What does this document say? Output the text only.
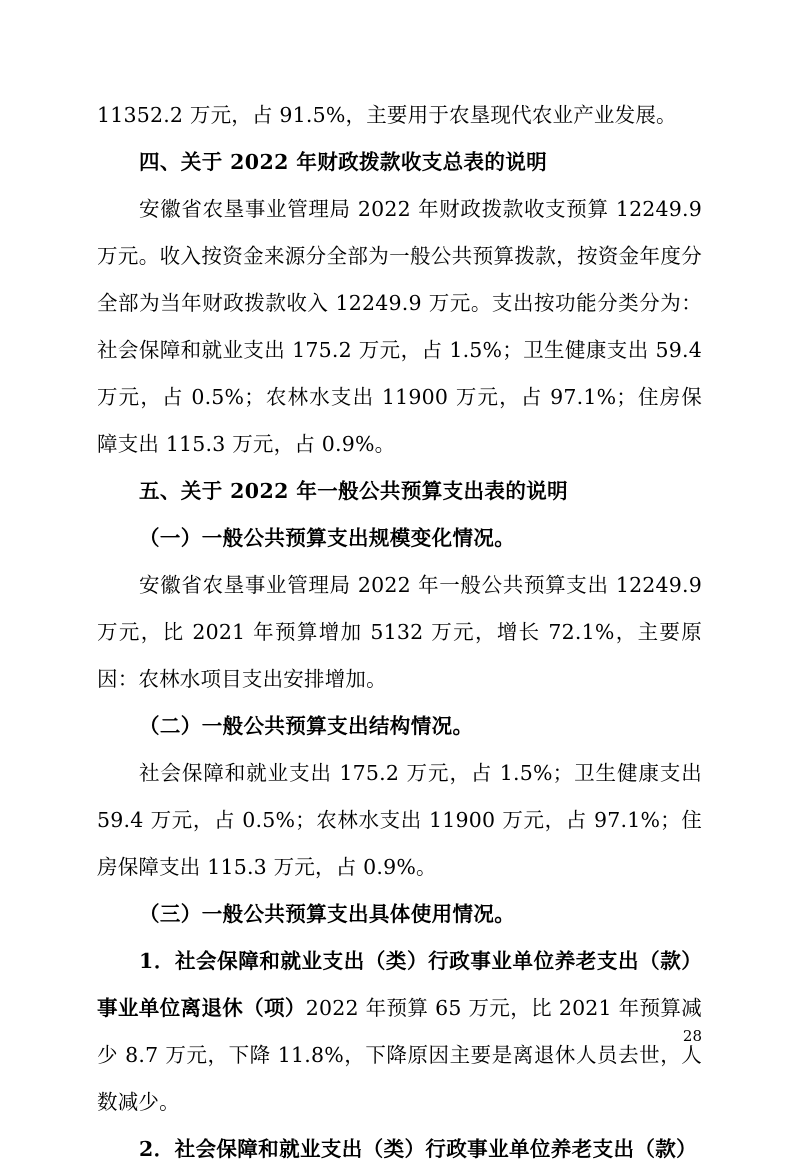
11352.2 万元，占 91.5%，主要用于农垦现代农业产业发展。

四、关于 2022 年财政拨款收支总表的说明

安徽省农垦事业管理局 2022 年财政拨款收支预算 12249.9 万元。收入按资金来源分全部为一般公共预算拨款，按资金年度分全部为当年财政拨款收入 12249.9 万元。支出按功能分类分为：社会保障和就业支出 175.2 万元，占 1.5%；卫生健康支出 59.4 万元，占 0.5%；农林水支出 11900 万元，占 97.1%；住房保障支出 115.3 万元，占 0.9%。

五、关于 2022 年一般公共预算支出表的说明

（一）一般公共预算支出规模变化情况。

安徽省农垦事业管理局 2022 年一般公共预算支出 12249.9 万元，比 2021 年预算增加 5132 万元，增长 72.1%，主要原因：农林水项目支出安排增加。

（二）一般公共预算支出结构情况。

社会保障和就业支出 175.2 万元，占 1.5%；卫生健康支出 59.4 万元，占 0.5%；农林水支出 11900 万元，占 97.1%；住房保障支出 115.3 万元，占 0.9%。

（三）一般公共预算支出具体使用情况。

1．社会保障和就业支出（类）行政事业单位养老支出（款）事业单位离退休（项）2022 年预算 65 万元，比 2021 年预算减少 8.7 万元，下降 11.8%，下降原因主要是离退休人员去世，人数减少。

2．社会保障和就业支出（类）行政事业单位养老支出（款）

28
